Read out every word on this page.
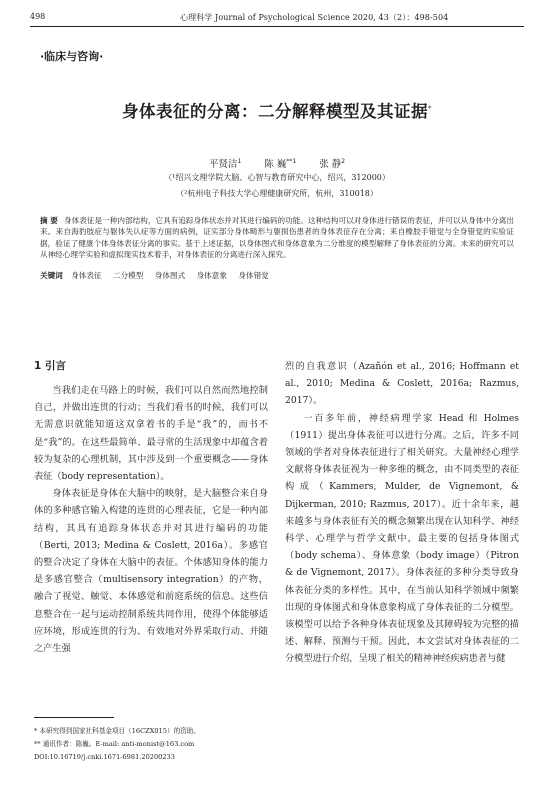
498	心理科学 Journal of Psychological Science 2020, 43（2）：498-504
·临床与咨询·
身体表征的分离：二分解释模型及其证据*
平贤洁$^1$ 陈 巍$^{**1}$ 张 静$^2$
（¹绍兴文理学院大脑、心智与教育研究中心，绍兴，312000）
（²杭州电子科技大学心理健康研究所，杭州，310018）
摘 要 身体表征是一种内部结构，它具有追踪身体状态并对其进行编码的功能。这种结构可以对身体进行错误的表征，并可以从身体中分离出来。来自海豹肢症与躯体失认症等方面的病例，证实部分身体畸形与躯损伤患者的身体表征存在分离；来自橡胶手错觉与全身错觉的实验证据，验证了健康个体身体表征分离的事实。基于上述证据，以身体图式和身体意象为二分维度的模型解释了身体表征的分离。未来的研究可以从神经心理学实验和虚拟现实技术着手，对身体表征的分离进行深入探究。
关键词 身体表征 二分模型 身体图式 身体意象 身体错觉
1 引言

当我们走在马路上的时候，我们可以自然而然地控制自己，并做出连贯的行动；当我们看书的时候，我们可以无需意识就能知道这双拿着书的手是“我”的，而书不是“我”的。在这些最简单、最寻常的生活现象中却蕴含着较为复杂的心理机制，其中涉及到一个重要概念——身体表征（body representation）。

身体表征是身体在大脑中的映射，是大脑整合来自身体的多种感官输入构建的连贯的心理表征，它是一种内部结构，其具有追踪身体状态并对其进行编码的功能（Berti, 2013; Medina & Coslett, 2016a）。多感官的整合决定了身体在大脑中的表征。个体感知身体的能力是多感官整合（multisensory integration）的产物，融合了视觉、触觉、本体感觉和前庭系统的信息。这些信息整合在一起与运动控制系统共同作用，使得个体能够适应环境，形成连贯的行为、有效地对外界采取行动、并随之产生强

烈的自我意识（Azañón et al., 2016; Hoffmann et al., 2010; Medina & Coslett, 2016a; Razmus, 2017）。

一百多年前，神经病理学家 Head 和 Holmes（1911）提出身体表征可以进行分离。之后，许多不同领域的学者对身体表征进行了相关研究。大量神经心理学文献将身体表征视为一种多维的概念，由不同类型的表征构成（Kammers, Mulder, de Vignemont, & Dijkerman, 2010; Razmus, 2017）。近十余年来，越来越多与身体表征有关的概念频繁出现在认知科学、神经科学、心理学与哲学文献中，最主要的包括身体图式（body schema）、身体意象（body image）（Pitron & de Vignemont, 2017）。身体表征的多种分类导致身体表征分类的多样性。其中，在当前认知科学领域中频繁出现的身体图式和身体意象构成了身体表征的二分模型。该模型可以给予各种身体表征现象及其障碍较为完整的描述、解释、预测与干预。因此，本文尝试对身体表征的二分模型进行介绍，呈现了相关的精神神经疾病患者与健

* 本研究得到国家社科基金项目（16CZX015）的资助。
** 通讯作者：陈巍。E-mail: anti-monist@163.com
DOI:10.16719/j.cnki.1671-6981.20200233
